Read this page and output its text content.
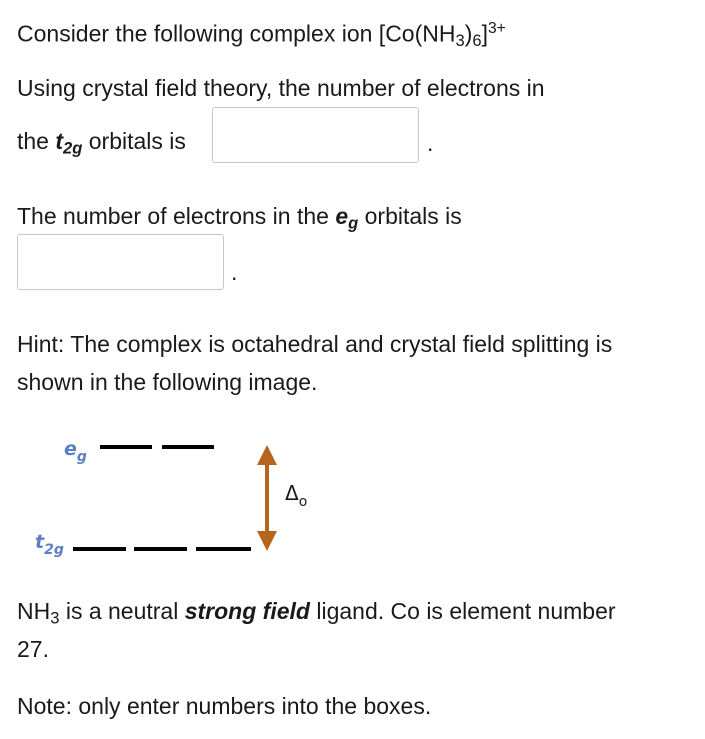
Consider the following complex ion $[Co(NH_3)_6]^{3+}$
Using crystal field theory, the number of electrons in
the $t_{2g}$ orbitals is	.
The number of electrons in the $e_g$ orbitals is
.
Hint: The complex is octahedral and crystal field splitting is
shown in the following image.
$e_g$
$t_{2g}$
$\Delta_o$
$NH_3$ is a neutral strong field ligand. Co is element number
27.
Note: only enter numbers into the boxes.
